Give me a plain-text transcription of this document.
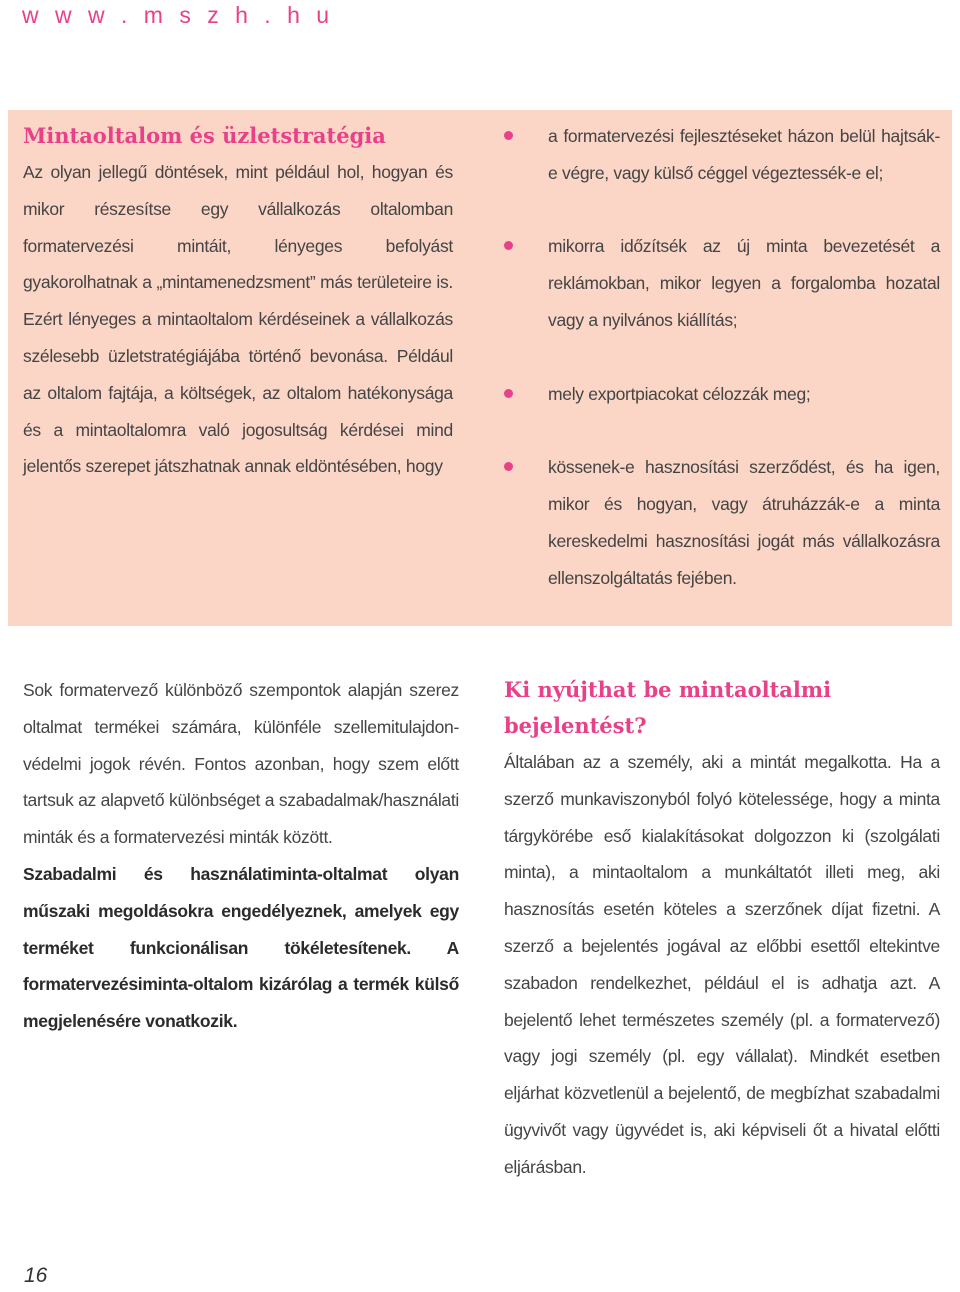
w w w . m s z h . h u
Mintaoltalom és üzletstratégia

Az olyan jellegű döntések, mint például hol, hogyan és mikor részesítse egy vállalkozás oltalomban formatervezési mintáit, lényeges befolyást gyakorolhatnak a „mintamenedzsment” más területeire is. Ezért lényeges a mintaoltalom kérdéseinek a vállalkozás szélesebb üzletstratégiájába történő bevonása. Például az oltalom fajtája, a költségek, az oltalom hatékonysága és a mintaoltalomra való jogosultság kérdései mind jelentős szerepet játszhatnak annak eldöntésében, hogy

a formatervezési fejlesztéseket házon belül hajtsák-e végre, vagy külső céggel végeztessék-e el;
mikorra időzítsék az új minta bevezetését a reklámokban, mikor legyen a forgalomba hozatal vagy a nyilvános kiállítás;
mely exportpiacokat célozzák meg;
kössenek-e hasznosítási szerződést, és ha igen, mikor és hogyan, vagy átruházzák-e a minta kereskedelmi hasznosítási jogát más vállalkozásra ellenszolgáltatás fejében.

Sok formatervező különböző szempontok alapján szerez oltalmat termékei számára, különféle szellemitulajdon-védelmi jogok révén. Fontos azonban, hogy szem előtt tartsuk az alapvető különbséget a szabadalmak/használati minták és a formatervezési minták között.

Szabadalmi és használatiminta-oltalmat olyan műszaki megoldásokra engedélyeznek, amelyek egy terméket funkcionálisan tökéletesítenek. A formatervezésiminta-oltalom kizárólag a termék külső megjelenésére vonatkozik.

Ki nyújthat be mintaoltalmi bejelentést?

Általában az a személy, aki a mintát megalkotta. Ha a szerző munkaviszonyból folyó kötelessége, hogy a minta tárgykörébe eső kialakításokat dolgozzon ki (szolgálati minta), a mintaoltalom a munkáltatót illeti meg, aki hasznosítás esetén köteles a szerzőnek díjat fizetni. A szerző a bejelentés jogával az előbbi esettől eltekintve szabadon rendelkezhet, például el is adhatja azt. A bejelentő lehet természetes személy (pl. a formatervező) vagy jogi személy (pl. egy vállalat). Mindkét esetben eljárhat közvetlenül a bejelentő, de megbízhat szabadalmi ügyvivőt vagy ügyvédet is, aki képviseli őt a hivatal előtti eljárásban.

16
